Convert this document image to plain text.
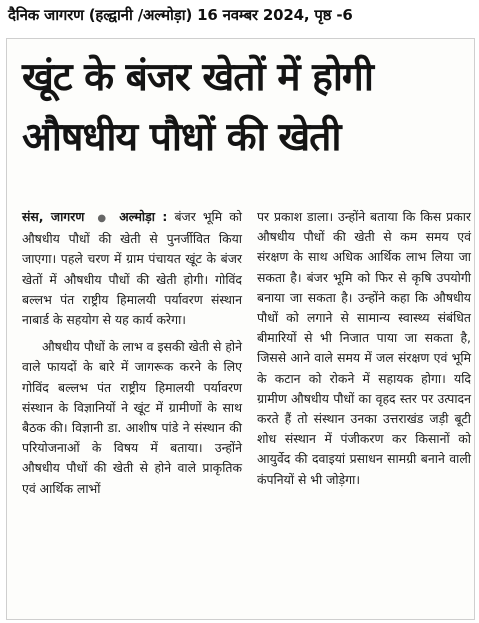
दैनिक जागरण (हल्द्वानी /अल्मोड़ा) 16 नवम्बर 2024, पृष्ठ -6
खूंट के बंजर खेतों में होगी
औषधीय पौधों की खेती

संस, जागरण ● अल्मोड़ा : बंजर भूमि को औषधीय पौधों की खेती से पुनर्जीवित किया जाएगा। पहले चरण में ग्राम पंचायत खूंट के बंजर खेतों में औषधीय पौधों की खेती होगी। गोविंद बल्लभ पंत राष्ट्रीय हिमालयी पर्यावरण संस्थान नाबार्ड के सहयोग से यह कार्य करेगा।

औषधीय पौधों के लाभ व इसकी खेती से होने वाले फायदों के बारे में जागरूक करने के लिए गोविंद बल्लभ पंत राष्ट्रीय हिमालयी पर्यावरण संस्थान के विज्ञानियों ने खूंट में ग्रामीणों के साथ बैठक की। विज्ञानी डा. आशीष पांडे ने संस्थान की परियोजनाओं के विषय में बताया। उन्होंने औषधीय पौधों की खेती से होने वाले प्राकृतिक एवं आर्थिक लाभों

पर प्रकाश डाला। उन्होंने बताया कि किस प्रकार औषधीय पौधों की खेती से कम समय एवं संरक्षण के साथ अधिक आर्थिक लाभ लिया जा सकता है। बंजर भूमि को फिर से कृषि उपयोगी बनाया जा सकता है। उन्होंने कहा कि औषधीय पौधों को लगाने से सामान्य स्वास्थ्य संबंधित बीमारियों से भी निजात पाया जा सकता है, जिससे आने वाले समय में जल संरक्षण एवं भूमि के कटान को रोकने में सहायक होगा। यदि ग्रामीण औषधीय पौधों का वृहद स्तर पर उत्पादन करते हैं तो संस्थान उनका उत्तराखंड जड़ी बूटी शोध संस्थान में पंजीकरण कर किसानों को आयुर्वेद की दवाइयां प्रसाधन सामग्री बनाने वाली कंपनियों से भी जोड़ेगा।
